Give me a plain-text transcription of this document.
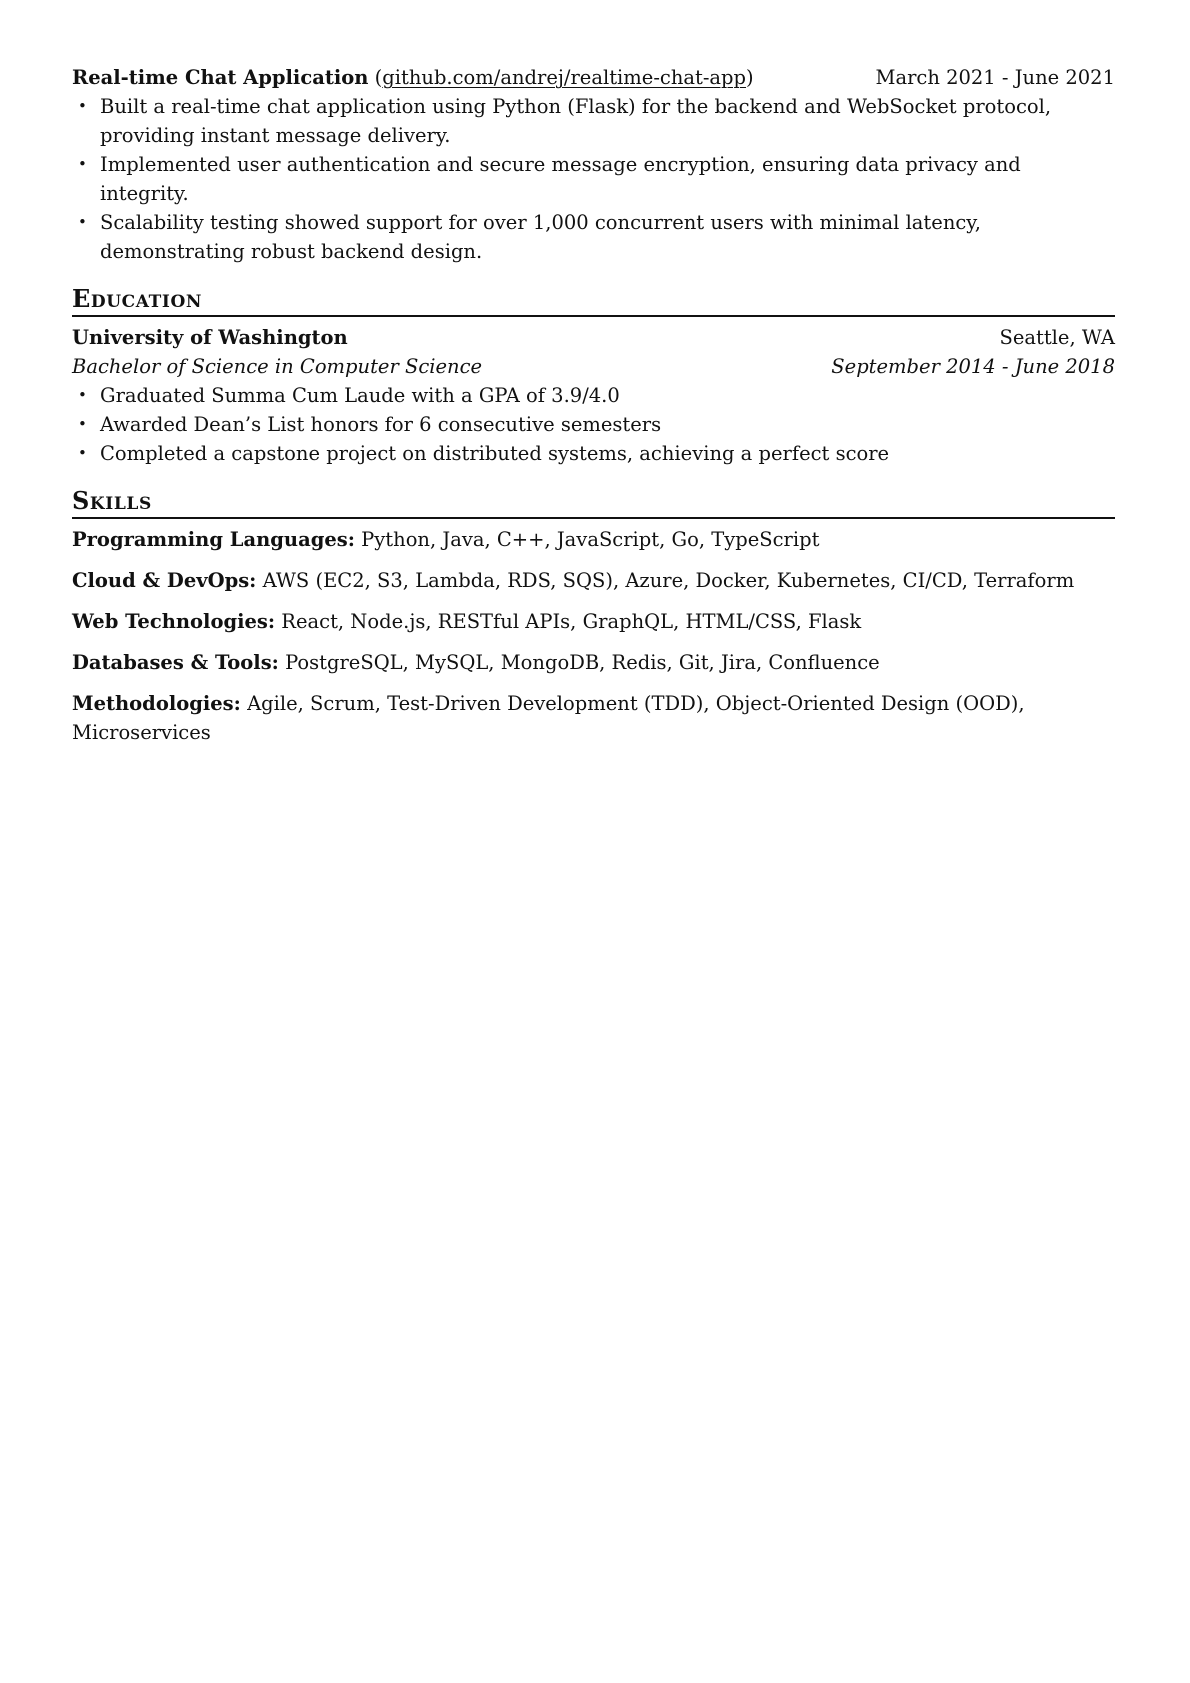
Real-time Chat Application (github.com/andrej/realtime-chat-app)	March 2021 - June 2021
• Built a real-time chat application using Python (Flask) for the backend and WebSocket protocol, providing instant message delivery.
• Implemented user authentication and secure message encryption, ensuring data privacy and integrity.
• Scalability testing showed support for over 1,000 concurrent users with minimal latency, demonstrating robust backend design.
Education
University of Washington	Seattle, WA
Bachelor of Science in Computer Science	September 2014 - June 2018
• Graduated Summa Cum Laude with a GPA of 3.9/4.0
• Awarded Dean’s List honors for 6 consecutive semesters
• Completed a capstone project on distributed systems, achieving a perfect score
Skills

Programming Languages: Python, Java, C++, JavaScript, Go, TypeScript

Cloud & DevOps: AWS (EC2, S3, Lambda, RDS, SQS), Azure, Docker, Kubernetes, CI/CD, Terraform

Web Technologies: React, Node.js, RESTful APIs, GraphQL, HTML/CSS, Flask

Databases & Tools: PostgreSQL, MySQL, MongoDB, Redis, Git, Jira, Confluence

Methodologies: Agile, Scrum, Test-Driven Development (TDD), Object-Oriented Design (OOD), Microservices
